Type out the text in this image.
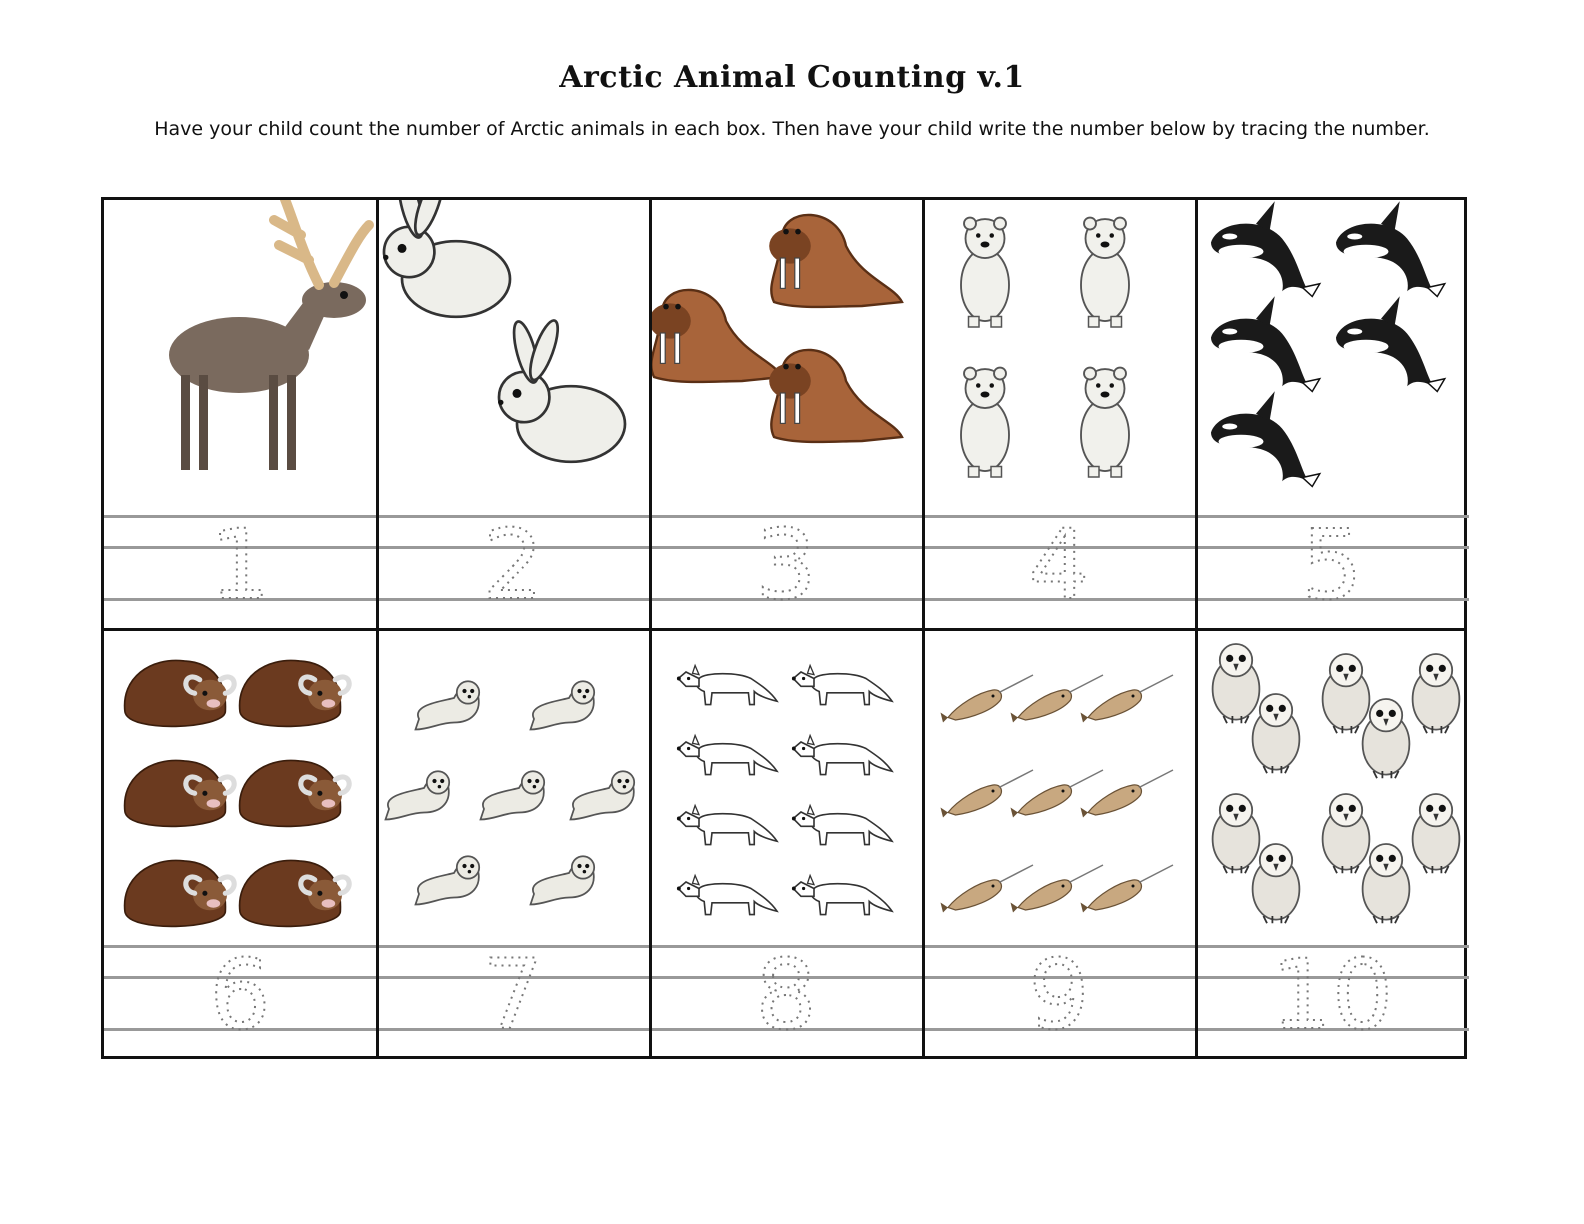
Arctic Animal Counting v.1
Have your child count the number of Arctic animals in each box. Then have your child write the number below by tracing the number.
1 2 3 4 5
6 7 8 9 10
